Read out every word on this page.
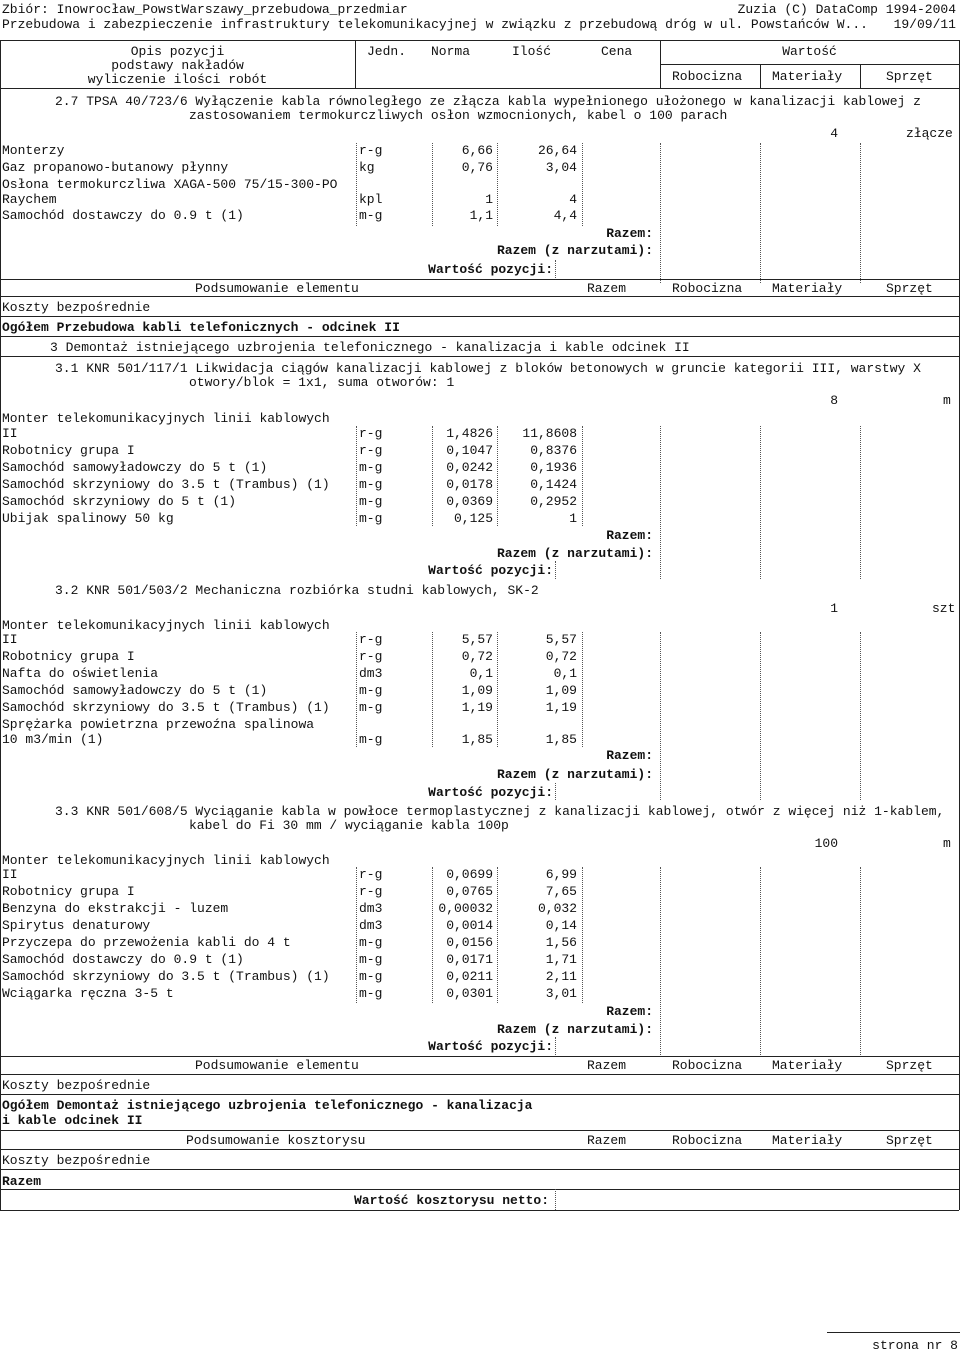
Zbiór: Inowrocław_PowstWarszawy_przebudowa_przedmiar	Zuzia (C) DataComp 1994-2004
Przebudowa i zabezpieczenie infrastruktury telekomunikacyjnej w związku z przebudową dróg w ul. Powstańców W... 19/09/11
Opis pozycji
podstawy nakładów
wyliczenie ilości robót
Jedn. Norma	Ilość	Cena	Wartość
Robocizna Materiały	Sprzęt
2.7 TPSA 40/723/6 Wyłączenie kabla równoległego ze złącza kabla wypełnionego ułożonego w kanalizacji kablowej z
zastosowaniem termokurczliwych osłon wzmocnionych, kabel o 100 parach
4	złącze
Monterzy	r-g	6,66	26,64
Gaz propanowo-butanowy płynny	kg	0,76	3,04
Osłona termokurczliwa XAGA-500 75/15-300-PO
Raychem	kpl	1	4
Samochód dostawczy do 0.9 t (1)	m-g	1,1	4,4
Razem:
Razem (z narzutami):
Wartość pozycji:
Podsumowanie elementu	Razem	Robocizna Materiały	Sprzęt
Koszty bezpośrednie
Ogółem Przebudowa kabli telefonicznych - odcinek II
3 Demontaż istniejącego uzbrojenia telefonicznego - kanalizacja i kable odcinek II
3.1 KNR 501/117/1 Likwidacja ciągów kanalizacji kablowej z bloków betonowych w gruncie kategorii III, warstwy X
otwory/blok = 1x1, suma otworów: 1
8	m
Monter telekomunikacyjnych linii kablowych
II	r-g	1,4826	11,8608
Robotnicy grupa I	r-g	0,1047	0,8376
Samochód samowyładowczy do 5 t (1)	m-g	0,0242	0,1936
Samochód skrzyniowy do 3.5 t (Trambus) (1) m-g	0,0178	0,1424
Samochód skrzyniowy do 5 t (1)	m-g	0,0369	0,2952
Ubijak spalinowy 50 kg	m-g	0,125	1
Razem:
Razem (z narzutami):
Wartość pozycji:
3.2 KNR 501/503/2 Mechaniczna rozbiórka studni kablowych, SK-2
1	szt
Monter telekomunikacyjnych linii kablowych
II	r-g	5,57	5,57
Robotnicy grupa I	r-g	0,72	0,72
Nafta do oświetlenia	dm3	0,1	0,1
Samochód samowyładowczy do 5 t (1)	m-g	1,09	1,09
Samochód skrzyniowy do 3.5 t (Trambus) (1) m-g	1,19	1,19
Sprężarka powietrzna przewoźna spalinowa
10 m3/min (1)	m-g	1,85	1,85
Razem:
Razem (z narzutami):
Wartość pozycji:
3.3 KNR 501/608/5 Wyciąganie kabla w powłoce termoplastycznej z kanalizacji kablowej, otwór z więcej niż 1-kablem,
kabel do Fi 30 mm / wyciąganie kabla 100p
100	m
Monter telekomunikacyjnych linii kablowych
II	r-g	0,0699	6,99
Robotnicy grupa I	r-g	0,0765	7,65
Benzyna do ekstrakcji - luzem	dm3	0,00032	0,032
Spirytus denaturowy	dm3	0,0014	0,14
Przyczepa do przewożenia kabli do 4 t	m-g	0,0156	1,56
Samochód dostawczy do 0.9 t (1)	m-g	0,0171	1,71
Samochód skrzyniowy do 3.5 t (Trambus) (1) m-g	0,0211	2,11
Wciągarka ręczna 3-5 t	m-g	0,0301	3,01
Razem:
Razem (z narzutami):
Wartość pozycji:
Podsumowanie elementu	Razem	Robocizna Materiały	Sprzęt
Koszty bezpośrednie
Ogółem Demontaż istniejącego uzbrojenia telefonicznego - kanalizacja
i kable odcinek II
Podsumowanie kosztorysu	Razem	Robocizna Materiały	Sprzęt
Koszty bezpośrednie
Razem
Wartość kosztorysu netto:
strona nr 8
